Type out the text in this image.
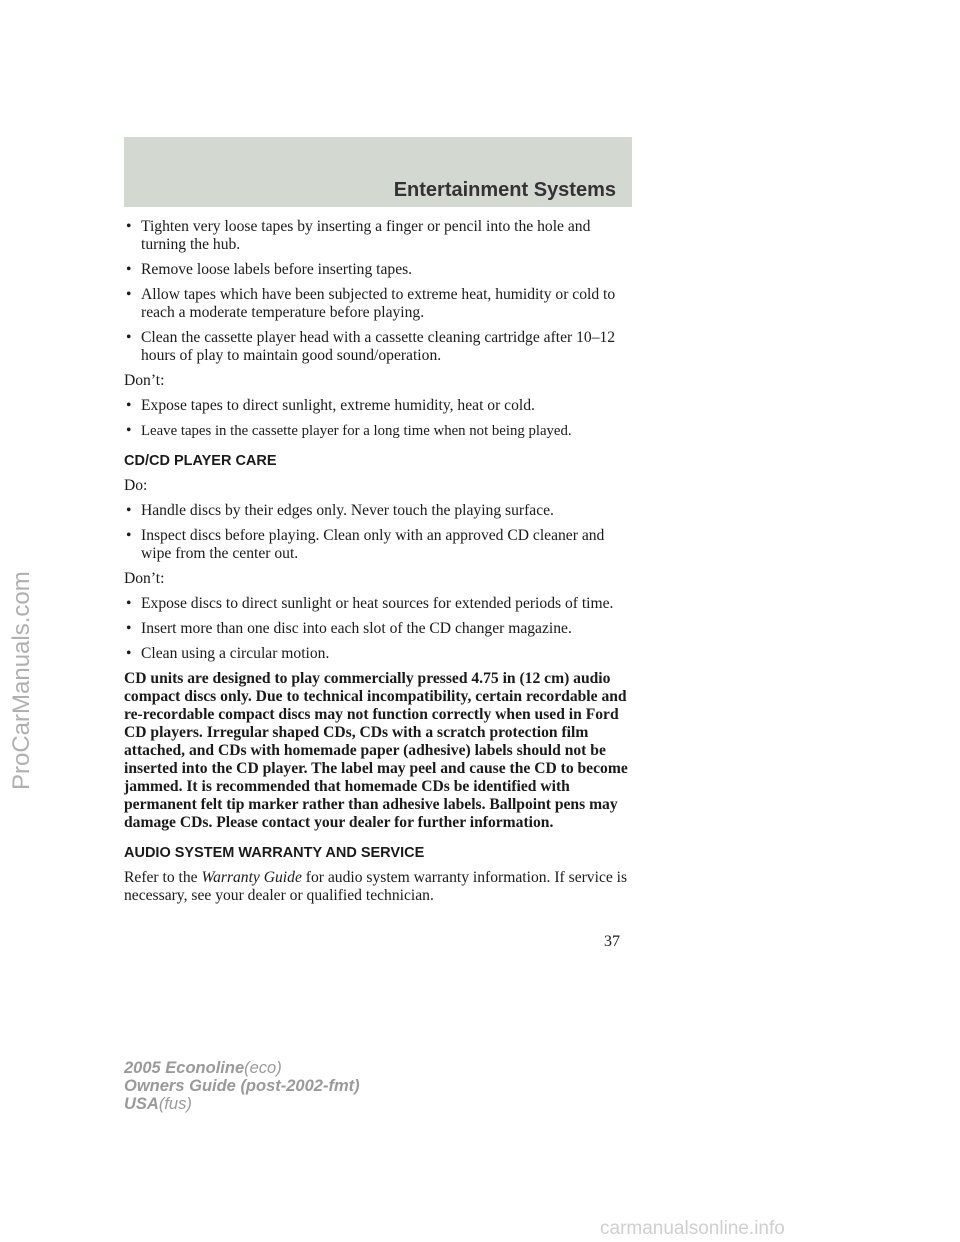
Entertainment Systems
• Tighten very loose tapes by inserting a finger or pencil into the hole and turning the hub.
• Remove loose labels before inserting tapes.
• Allow tapes which have been subjected to extreme heat, humidity or cold to reach a moderate temperature before playing.
• Clean the cassette player head with a cassette cleaning cartridge after 10–12 hours of play to maintain good sound/operation.
Don’t:
• Expose tapes to direct sunlight, extreme humidity, heat or cold.
• Leave tapes in the cassette player for a long time when not being played.
CD/CD PLAYER CARE
Do:
• Handle discs by their edges only. Never touch the playing surface.
• Inspect discs before playing. Clean only with an approved CD cleaner and wipe from the center out.
Don’t:
• Expose discs to direct sunlight or heat sources for extended periods of time.
• Insert more than one disc into each slot of the CD changer magazine.
• Clean using a circular motion.
CD units are designed to play commercially pressed 4.75 in (12 cm) audio compact discs only. Due to technical incompatibility, certain recordable and re-recordable compact discs may not function correctly when used in Ford CD players. Irregular shaped CDs, CDs with a scratch protection film attached, and CDs with homemade paper (adhesive) labels should not be inserted into the CD player. The label may peel and cause the CD to become jammed. It is recommended that homemade CDs be identified with permanent felt tip marker rather than adhesive labels. Ballpoint pens may damage CDs. Please contact your dealer for further information.
AUDIO SYSTEM WARRANTY AND SERVICE
Refer to the Warranty Guide for audio system warranty information. If service is necessary, see your dealer or qualified technician.
37
2005 Econoline(eco)
Owners Guide (post-2002-fmt)
USA(fus)
ProCarManuals.com
carmanualsonline.info
